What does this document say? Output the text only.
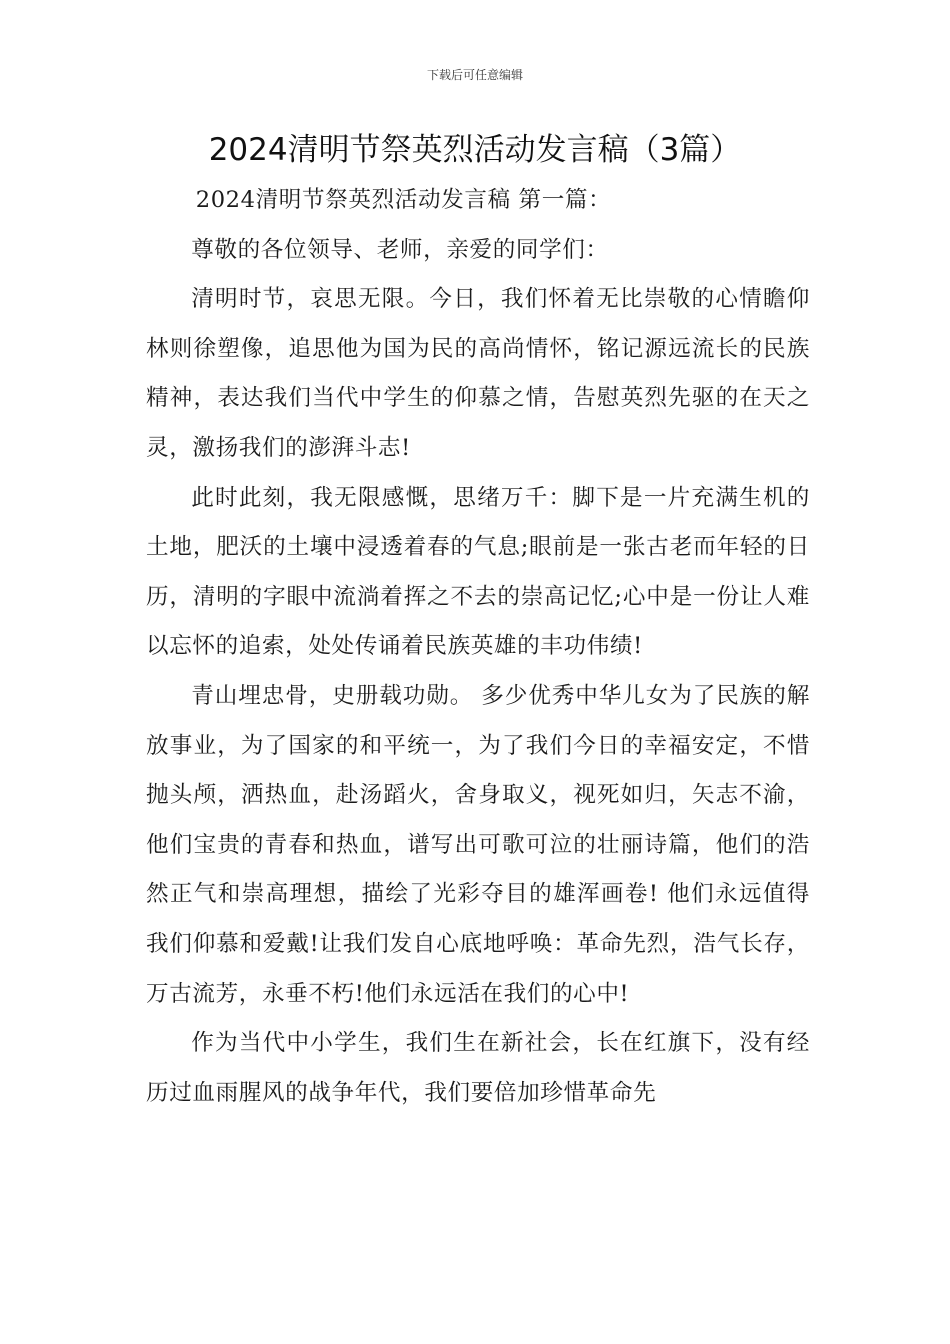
下载后可任意编辑
2024清明节祭英烈活动发言稿（3篇）

2024清明节祭英烈活动发言稿 第一篇：

尊敬的各位领导、老师，亲爱的同学们：

清明时节，哀思无限。今日，我们怀着无比崇敬的心情瞻仰林则徐塑像，追思他为国为民的高尚情怀，铭记源远流长的民族精神，表达我们当代中学生的仰慕之情，告慰英烈先驱的在天之灵，激扬我们的澎湃斗志!

此时此刻，我无限感慨，思绪万千：脚下是一片充满生机的土地，肥沃的土壤中浸透着春的气息;眼前是一张古老而年轻的日历，清明的字眼中流淌着挥之不去的崇高记忆;心中是一份让人难以忘怀的追索，处处传诵着民族英雄的丰功伟绩!

青山埋忠骨，史册载功勋。 多少优秀中华儿女为了民族的解放事业，为了国家的和平统一，为了我们今日的幸福安定，不惜抛头颅，洒热血，赴汤蹈火，舍身取义，视死如归，矢志不渝，他们宝贵的青春和热血，谱写出可歌可泣的壮丽诗篇，他们的浩然正气和崇高理想，描绘了光彩夺目的雄浑画卷! 他们永远值得我们仰慕和爱戴!让我们发自心底地呼唤：革命先烈，浩气长存，万古流芳，永垂不朽!他们永远活在我们的心中!

作为当代中小学生，我们生在新社会，长在红旗下，没有经历过血雨腥风的战争年代，我们要倍加珍惜革命先
